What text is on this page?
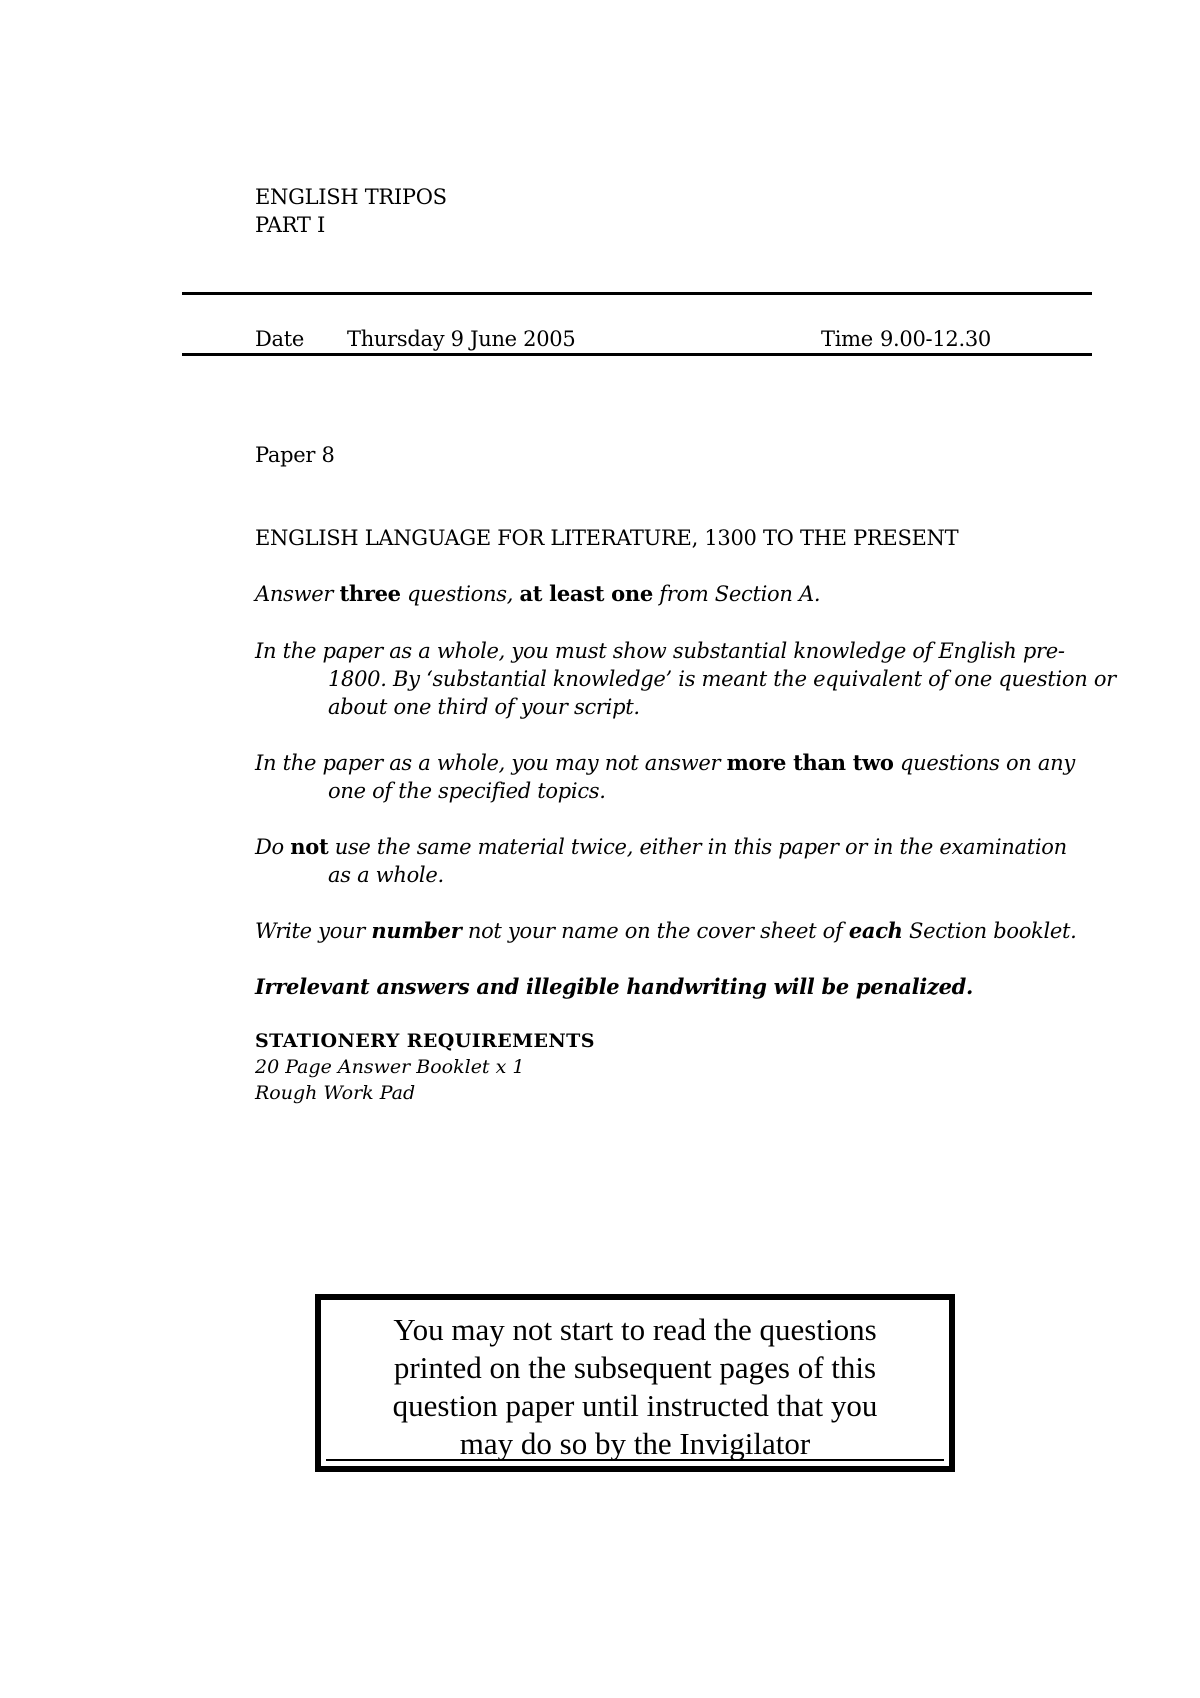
ENGLISH TRIPOS
PART I
Date Thursday 9 June 2005	Time 9.00-12.30
Paper 8
ENGLISH LANGUAGE FOR LITERATURE, 1300 TO THE PRESENT
Answer three questions, at least one from Section A.
In the paper as a whole, you must show substantial knowledge of English pre-
1800. By ‘substantial knowledge’ is meant the equivalent of one question or
about one third of your script.
In the paper as a whole, you may not answer more than two questions on any
one of the specified topics.
Do not use the same material twice, either in this paper or in the examination
as a whole.
Write your number not your name on the cover sheet of each Section booklet.
Irrelevant answers and illegible handwriting will be penalized.
STATIONERY REQUIREMENTS
20 Page Answer Booklet x 1
Rough Work Pad
You may not start to read the questions
printed on the subsequent pages of this
question paper until instructed that you
may do so by the Invigilator
